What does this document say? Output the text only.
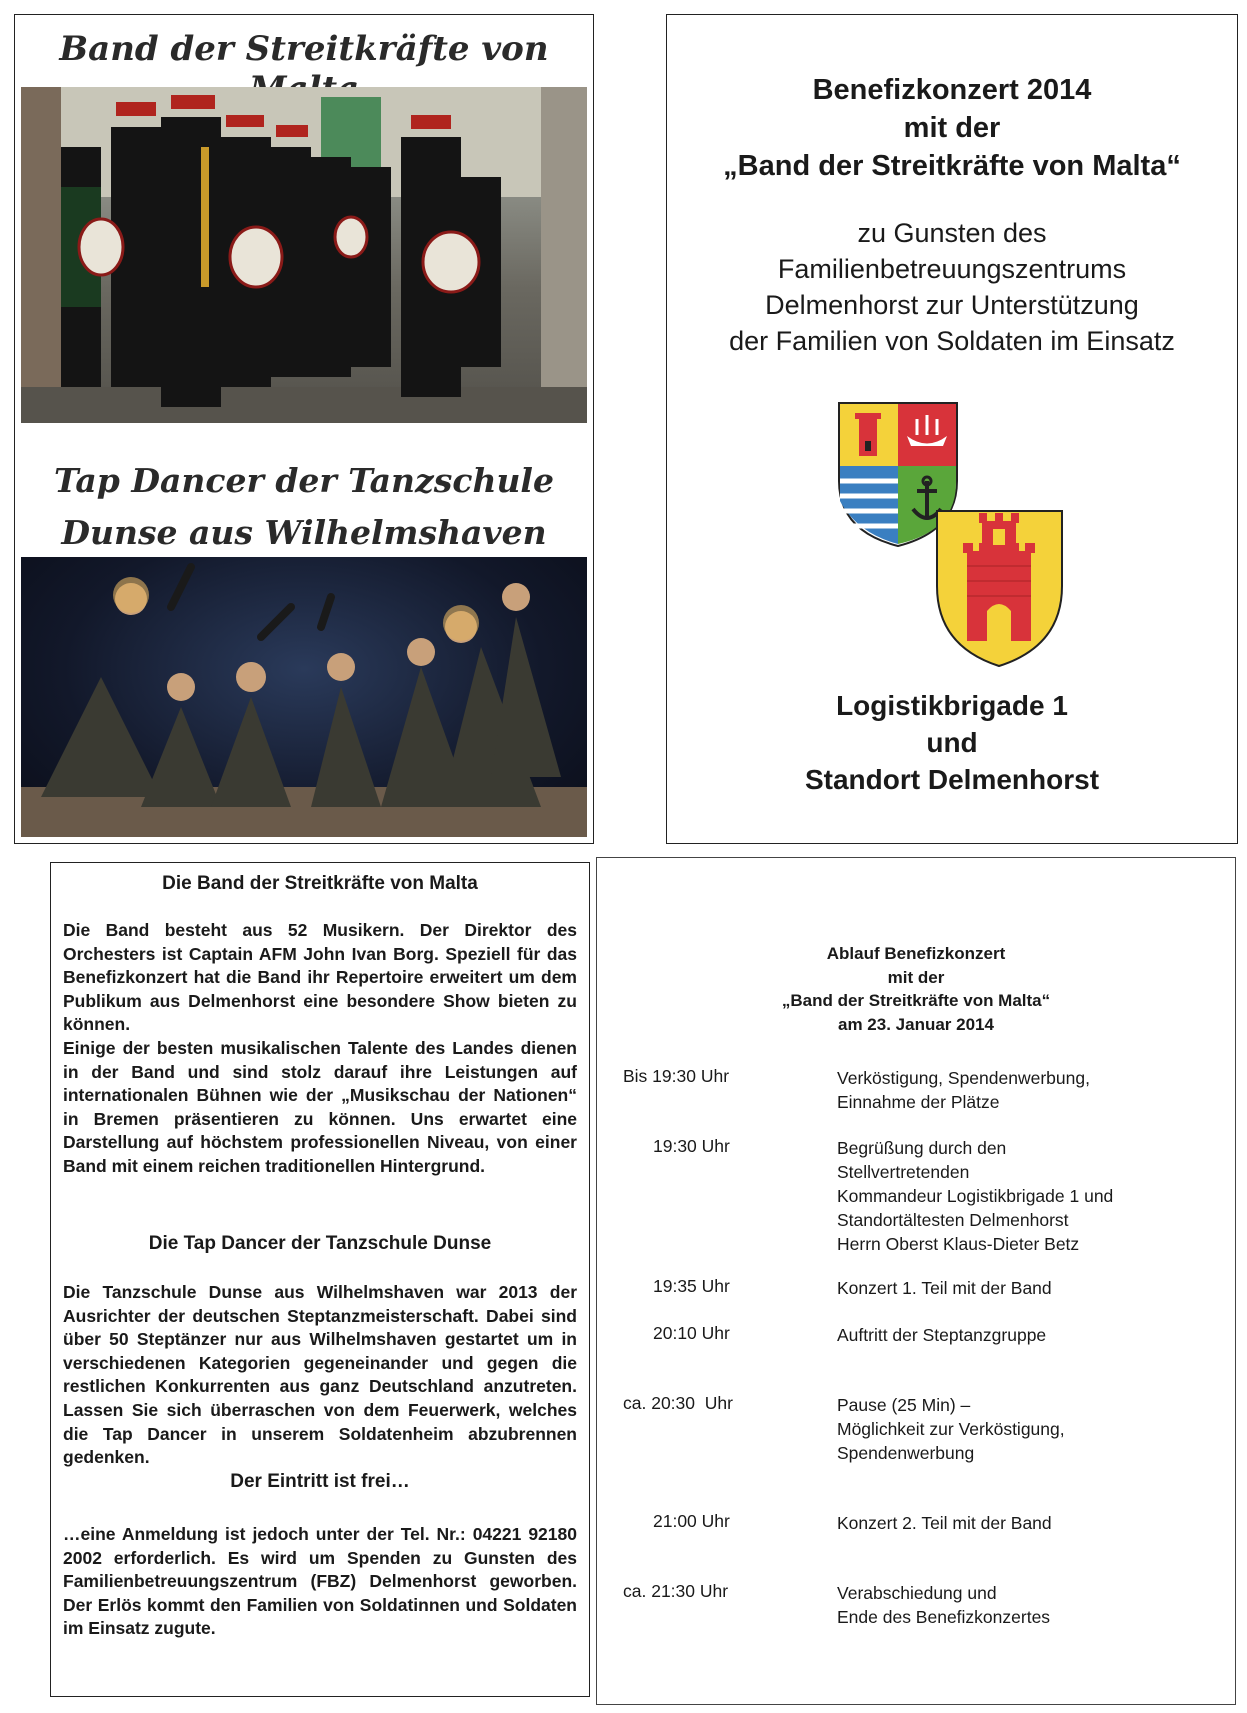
Band der Streitkräfte von
Tap Dancer der Tanzschule
Dunse aus Wilhelmshaven
Benefizkonzert 2014
mit der
„Band der Streitkräfte von Malta“
zu Gunsten des
Familienbetreuungszentrums
Delmenhorst zur Unterstützung
der Familien von Soldaten im Einsatz
Logistikbrigade 1
und
Standort Delmenhorst
Die Band der Streitkräfte von Malta
Die Band besteht aus 52 Musikern. Der Direktor des Orchesters ist Captain AFM John Ivan Borg. Speziell für das Benefizkonzert hat die Band ihr Repertoire erweitert um dem Publikum aus Delmenhorst eine besondere Show bieten zu können.
Einige der besten musikalischen Talente des Landes dienen in der Band und sind stolz darauf ihre Leistungen auf internationalen Bühnen wie der „Musikschau der Nationen“ in Bremen präsentieren zu können. Uns erwartet eine Darstellung auf höchstem professionellen Niveau, von einer Band mit einem reichen traditionellen Hintergrund.
Die Tap Dancer der Tanzschule Dunse
Die Tanzschule Dunse aus Wilhelmshaven war 2013 der Ausrichter der deutschen Steptanzmeisterschaft. Dabei sind über 50 Steptänzer nur aus Wilhelmshaven gestartet um in verschiedenen Kategorien gegeneinander und gegen die restlichen Konkurrenten aus ganz Deutschland anzutreten. Lassen Sie sich überraschen von dem Feuerwerk, welches die Tap Dancer in unserem Soldatenheim abzubrennen gedenken.
Der Eintritt ist frei…
…eine Anmeldung ist jedoch unter der Tel. Nr.: 04221 92180 2002 erforderlich. Es wird um Spenden zu Gunsten des Familienbetreuungszentrum (FBZ) Delmenhorst geworben. Der Erlös kommt den Familien von Soldatinnen und Soldaten im Einsatz zugute.
Ablauf Benefizkonzert
mit der
„Band der Streitkräfte von Malta“
am 23. Januar 2014
Bis 19:30 Uhr	Verköstigung, Spendenwerbung,
Einnahme der Plätze
19:30 Uhr	Begrüßung durch den
Stellvertretenden
Kommandeur Logistikbrigade 1 und
Standortältesten Delmenhorst
Herrn Oberst Klaus-Dieter Betz
19:35 Uhr	Konzert 1. Teil mit der Band
20:10 Uhr	Auftritt der Steptanzgruppe
ca. 20:30  Uhr	Pause (25 Min) –
Möglichkeit zur Verköstigung,
Spendenwerbung
21:00 Uhr	Konzert 2. Teil mit der Band
ca. 21:30 Uhr	Verabschiedung und
Ende des Benefizkonzertes
